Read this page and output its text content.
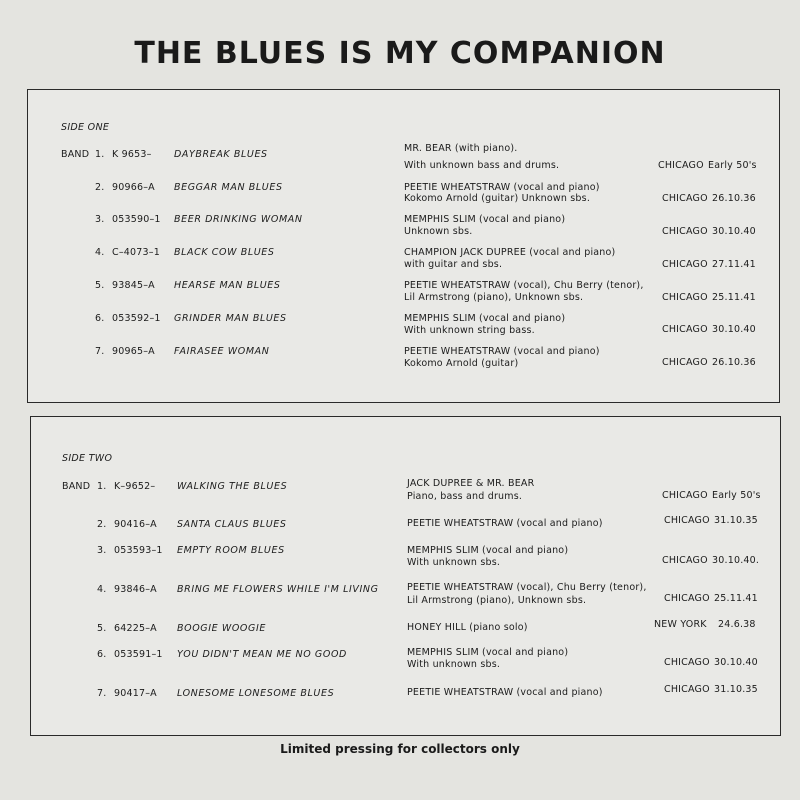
THE BLUES IS MY COMPANION
SIDE ONE
BAND
SIDE TWO
BAND
Limited pressing for collectors only
1. K 9653– DAYBREAK BLUES
MR. BEAR (with piano).
With unknown bass and drums.	CHICAGO Early 50's
2. 90966–A BEGGAR MAN BLUES	PEETIE WHEATSTRAW (vocal and piano)
Kokomo Arnold (guitar) Unknown sbs.	CHICAGO 26.10.36
3. 053590–1 BEER DRINKING WOMAN	MEMPHIS SLIM (vocal and piano)
Unknown sbs.	CHICAGO 30.10.40
4. C–4073–1 BLACK COW BLUES	CHAMPION JACK DUPREE (vocal and piano)
with guitar and sbs.	CHICAGO 27.11.41
5. 93845–A HEARSE MAN BLUES	PEETIE WHEATSTRAW (vocal), Chu Berry (tenor),
Lil Armstrong (piano), Unknown sbs.	CHICAGO 25.11.41
6. 053592–1 GRINDER MAN BLUES	MEMPHIS SLIM (vocal and piano)
With unknown string bass.	CHICAGO 30.10.40
7. 90965–A FAIRASEE WOMAN	PEETIE WHEATSTRAW (vocal and piano)
Kokomo Arnold (guitar)	CHICAGO 26.10.36
1. K–9652– WALKING THE BLUES	JACK DUPREE & MR. BEAR
Piano, bass and drums.	CHICAGO Early 50's
2. 90416–A SANTA CLAUS BLUES	PEETIE WHEATSTRAW (vocal and piano)	CHICAGO 31.10.35
3. 053593–1 EMPTY ROOM BLUES	MEMPHIS SLIM (vocal and piano)
With unknown sbs.	CHICAGO 30.10.40.
4. 93846–A BRING ME FLOWERS WHILE I'M LIVING	PEETIE WHEATSTRAW (vocal), Chu Berry (tenor),
Lil Armstrong (piano), Unknown sbs.	CHICAGO 25.11.41
5. 64225–A BOOGIE WOOGIE	HONEY HILL (piano solo)	NEW YORK 24.6.38
6. 053591–1 YOU DIDN'T MEAN ME NO GOOD	MEMPHIS SLIM (vocal and piano)
With unknown sbs.	CHICAGO 30.10.40
7. 90417–A LONESOME LONESOME BLUES	PEETIE WHEATSTRAW (vocal and piano)	CHICAGO 31.10.35
